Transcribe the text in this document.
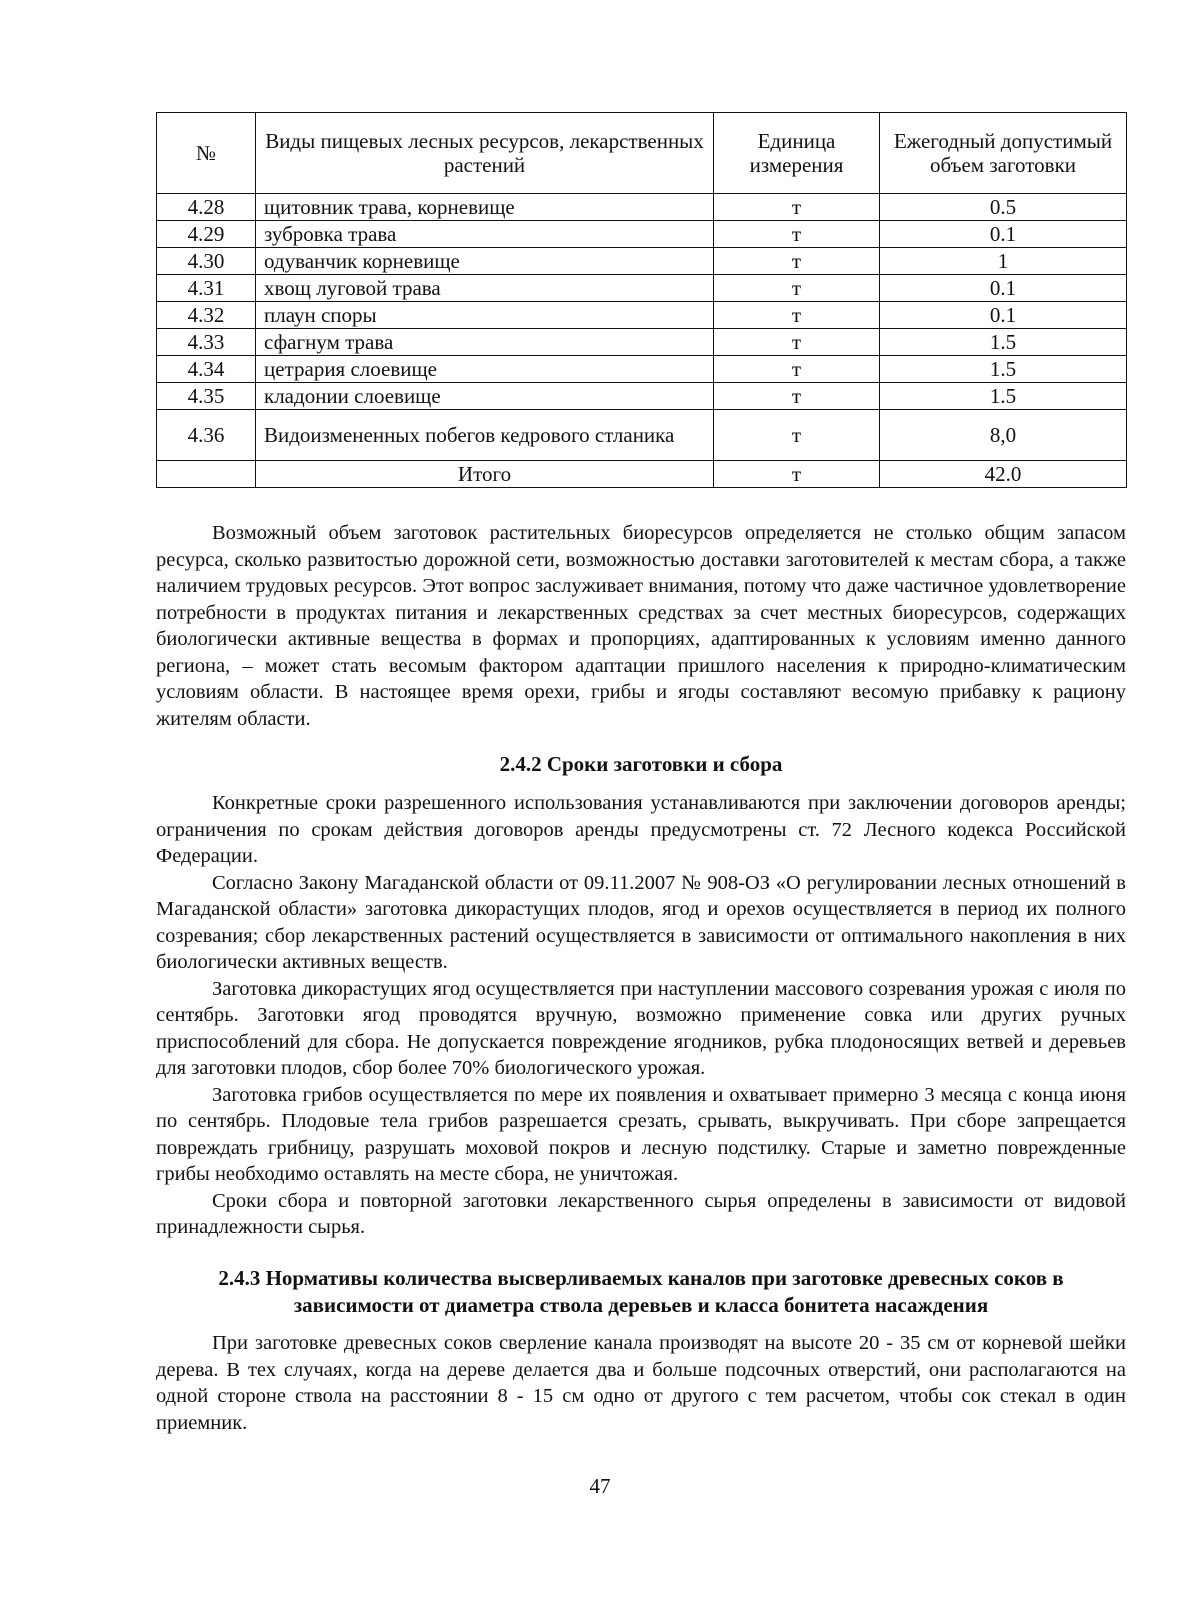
№	Виды пищевых лесных ресурсов, лекарственных растений	Единица измерения	Ежегодный допустимый объем заготовки
4.28	щитовник трава, корневище	т	0.5
4.29	зубровка трава	т	0.1
4.30	одуванчик корневище	т	1
4.31	хвощ луговой трава	т	0.1
4.32	плаун споры	т	0.1
4.33	сфагнум трава	т	1.5
4.34	цетрария слоевище	т	1.5
4.35	кладонии слоевище	т	1.5
4.36	Видоизмененных побегов кедрового стланика	т	8,0
	Итого	т	42.0

Возможный объем заготовок растительных биоресурсов определяется не столько общим запасом ресурса, сколько развитостью дорожной сети, возможностью доставки заготовителей к местам сбора, а также наличием трудовых ресурсов. Этот вопрос заслуживает внимания, потому что даже частичное удовлетворение потребности в продуктах питания и лекарственных средствах за счет местных биоресурсов, содержащих биологически активные вещества в формах и пропорциях, адаптированных к условиям именно данного региона, – может стать весомым фактором адаптации пришлого населения к природно-климатическим условиям области. В настоящее время орехи, грибы и ягоды составляют весомую прибавку к рациону жителям области.

2.4.2 Сроки заготовки и сбора

Конкретные сроки разрешенного использования устанавливаются при заключении договоров аренды; ограничения по срокам действия договоров аренды предусмотрены ст. 72 Лесного кодекса Российской Федерации.

Согласно Закону Магаданской области от 09.11.2007 № 908-ОЗ «О регулировании лесных отношений в Магаданской области» заготовка дикорастущих плодов, ягод и орехов осуществляется в период их полного созревания; сбор лекарственных растений осуществляется в зависимости от оптимального накопления в них биологически активных веществ.

Заготовка дикорастущих ягод осуществляется при наступлении массового созревания урожая с июля по сентябрь. Заготовки ягод проводятся вручную, возможно применение совка или других ручных приспособлений для сбора. Не допускается повреждение ягодников, рубка плодоносящих ветвей и деревьев для заготовки плодов, сбор более 70% биологического урожая.

Заготовка грибов осуществляется по мере их появления и охватывает примерно 3 месяца с конца июня по сентябрь. Плодовые тела грибов разрешается срезать, срывать, выкручивать. При сборе запрещается повреждать грибницу, разрушать моховой покров и лесную подстилку. Старые и заметно поврежденные грибы необходимо оставлять на месте сбора, не уничтожая.

Сроки сбора и повторной заготовки лекарственного сырья определены в зависимости от видовой принадлежности сырья.

2.4.3 Нормативы количества высверливаемых каналов при заготовке древесных соков в зависимости от диаметра ствола деревьев и класса бонитета насаждения

При заготовке древесных соков сверление канала производят на высоте 20 - 35 см от корневой шейки дерева. В тех случаях, когда на дереве делается два и больше подсочных отверстий, они располагаются на одной стороне ствола на расстоянии 8 - 15 см одно от другого с тем расчетом, чтобы сок стекал в один приемник.

47
